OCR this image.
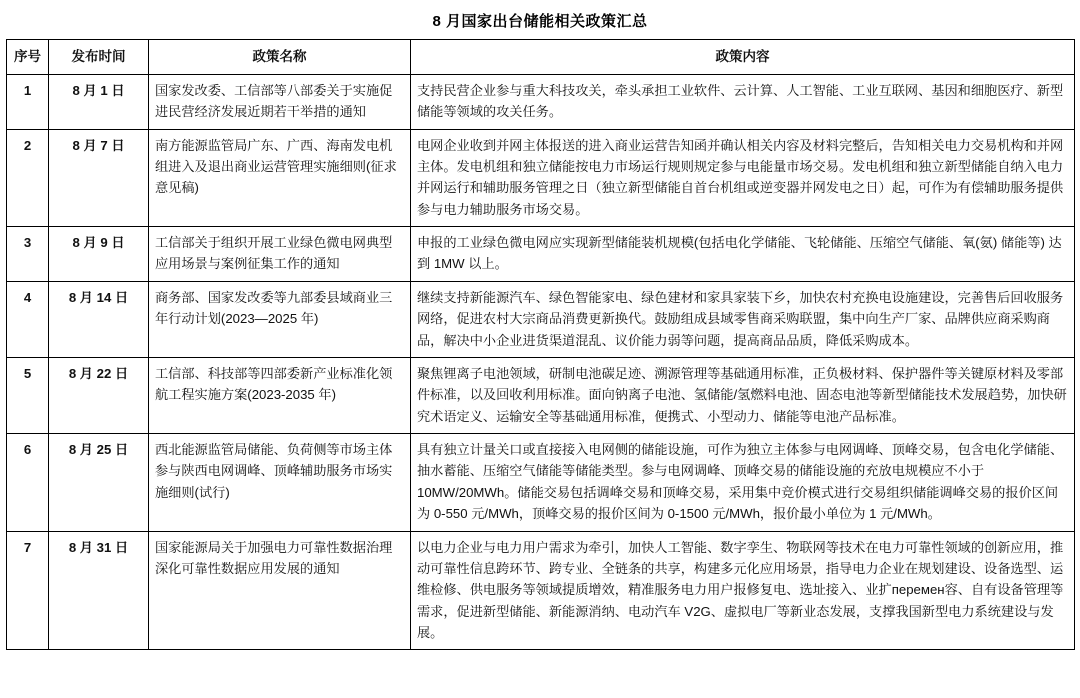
8 月国家出台储能相关政策汇总
序号	发布时间	政策名称	政策内容
1	8 月 1 日	国家发改委、工信部等八部委关于实施促进民营经济发展近期若干举措的通知	支持民营企业参与重大科技攻关，牵头承担工业软件、云计算、人工智能、工业互联网、基因和细胞医疗、新型储能等领域的攻关任务。
2	8 月 7 日	南方能源监管局广东、广西、海南发电机组进入及退出商业运营管理实施细则(征求意见稿)	电网企业收到并网主体报送的进入商业运营告知函并确认相关内容及材料完整后，告知相关电力交易机构和并网主体。发电机组和独立储能按电力市场运行规则规定参与电能量市场交易。发电机组和独立新型储能自纳入电力并网运行和辅助服务管理之日（独立新型储能自首台机组或逆变器并网发电之日）起，可作为有偿辅助服务提供参与电力辅助服务市场交易。
3	8 月 9 日	工信部关于组织开展工业绿色微电网典型应用场景与案例征集工作的通知	申报的工业绿色微电网应实现新型储能装机规模(包括电化学储能、飞轮储能、压缩空气储能、氧(氨) 储能等) 达到 1MW 以上。
4	8 月 14 日	商务部、国家发改委等九部委县域商业三年行动计划(2023—2025 年)	继续支持新能源汽车、绿色智能家电、绿色建材和家具家装下乡，加快农村充换电设施建设，完善售后回收服务网络，促进农村大宗商品消费更新换代。鼓励组成县域零售商采购联盟，集中向生产厂家、品牌供应商采购商品，解决中小企业进货渠道混乱、议价能力弱等问题，提高商品品质，降低采购成本。
5	8 月 22 日	工信部、科技部等四部委新产业标准化领航工程实施方案(2023-2035 年)	聚焦锂离子电池领域，研制电池碳足迹、溯源管理等基础通用标准，正负极材料、保护器件等关键原材料及零部件标准，以及回收利用标准。面向钠离子电池、氢储能/氢燃料电池、固态电池等新型储能技术发展趋势，加快研究术语定义、运输安全等基础通用标准，便携式、小型动力、储能等电池产品标准。
6	8 月 25 日	西北能源监管局储能、负荷侧等市场主体参与陕西电网调峰、顶峰辅助服务市场实施细则(试行)	具有独立计量关口或直接接入电网侧的储能设施，可作为独立主体参与电网调峰、顶峰交易，包含电化学储能、抽水蓄能、压缩空气储能等储能类型。参与电网调峰、顶峰交易的储能设施的充放电规模应不小于 10MW/20MWh。储能交易包括调峰交易和顶峰交易，采用集中竞价模式进行交易组织储能调峰交易的报价区间为 0-550 元/MWh，顶峰交易的报价区间为 0-1500 元/MWh，报价最小单位为 1 元/MWh。
7	8 月 31 日	国家能源局关于加强电力可靠性数据治理 深化可靠性数据应用发展的通知	以电力企业与电力用户需求为牵引，加快人工智能、数字孪生、物联网等技术在电力可靠性领域的创新应用，推动可靠性信息跨环节、跨专业、全链条的共享，构建多元化应用场景，指导电力企业在规划建设、设备选型、运维检修、供电服务等领域提质增效，精准服务电力用户报修复电、选址接入、业扩перемен容、自有设备管理等需求，促进新型储能、新能源消纳、电动汽车 V2G、虚拟电厂等新业态发展，支撑我国新型电力系统建设与发展。
